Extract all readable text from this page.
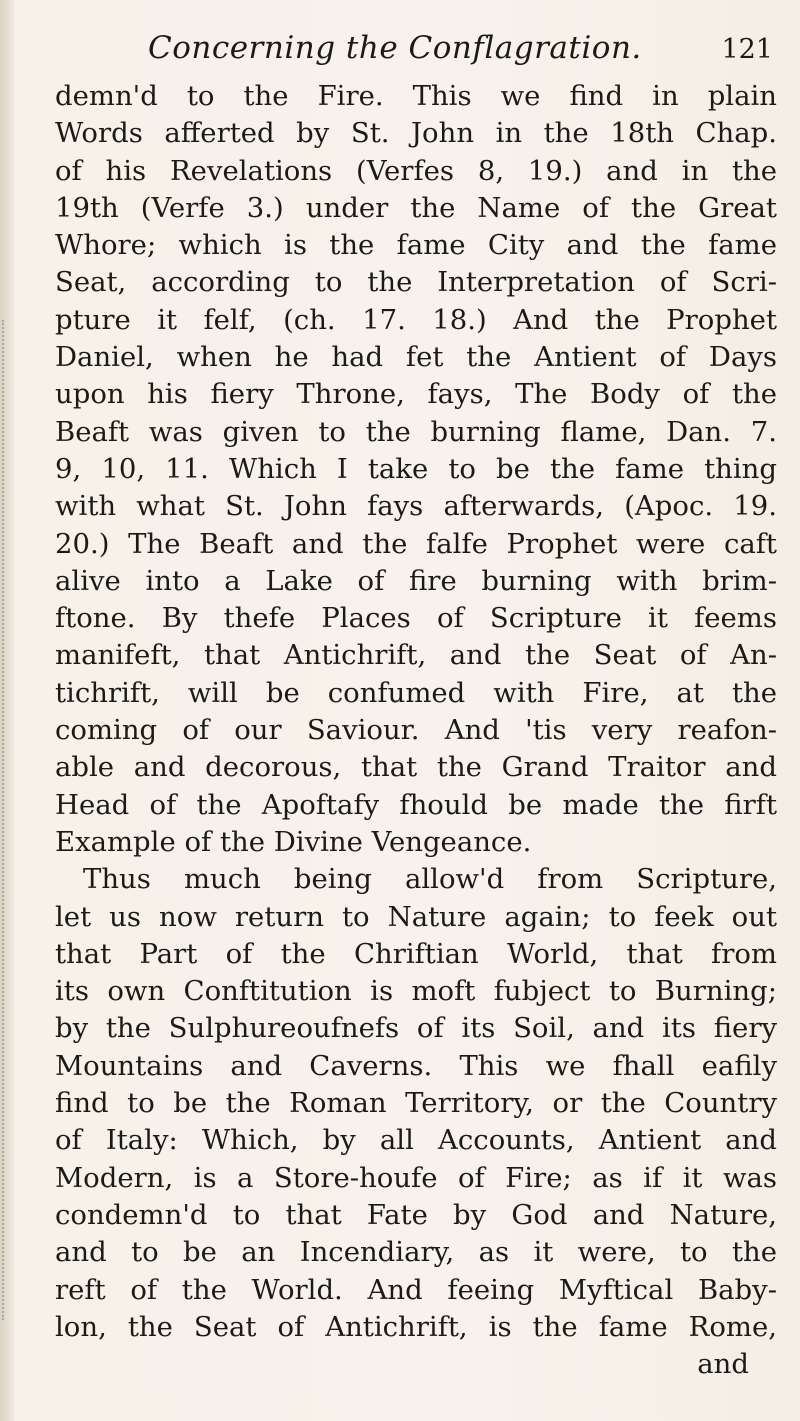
Concerning the Conflagration.	121
demn'd to the Fire. This we find in plain
Words afferted by St. John in the 18th Chap.
of his Revelations (Verfes 8, 19.) and in the
19th (Verfe 3.) under the Name of the Great
Whore; which is the fame City and the fame
Seat, according to the Interpretation of Scri-
pture it felf, (ch. 17. 18.) And the Prophet
Daniel, when he had fet the Antient of Days
upon his fiery Throne, fays, The Body of the
Beaft was given to the burning flame, Dan. 7.
9, 10, 11. Which I take to be the fame thing
with what St. John fays afterwards, (Apoc. 19.
20.) The Beaft and the falfe Prophet were caft
alive into a Lake of fire burning with brim-
ftone. By thefe Places of Scripture it feems
manifeft, that Antichrift, and the Seat of An-
tichrift, will be confumed with Fire, at the
coming of our Saviour. And 'tis very reafon-
able and decorous, that the Grand Traitor and
Head of the Apoftafy fhould be made the firft
Example of the Divine Vengeance.
Thus much being allow'd from Scripture,
let us now return to Nature again; to feek out
that Part of the Chriftian World, that from
its own Conftitution is moft fubject to Burning;
by the Sulphureoufnefs of its Soil, and its fiery
Mountains and Caverns. This we fhall eafily
find to be the Roman Territory, or the Country
of Italy: Which, by all Accounts, Antient and
Modern, is a Store-houfe of Fire; as if it was
condemn'd to that Fate by God and Nature,
and to be an Incendiary, as it were, to the
reft of the World. And feeing Myftical Baby-
lon, the Seat of Antichrift, is the fame Rome,
and
